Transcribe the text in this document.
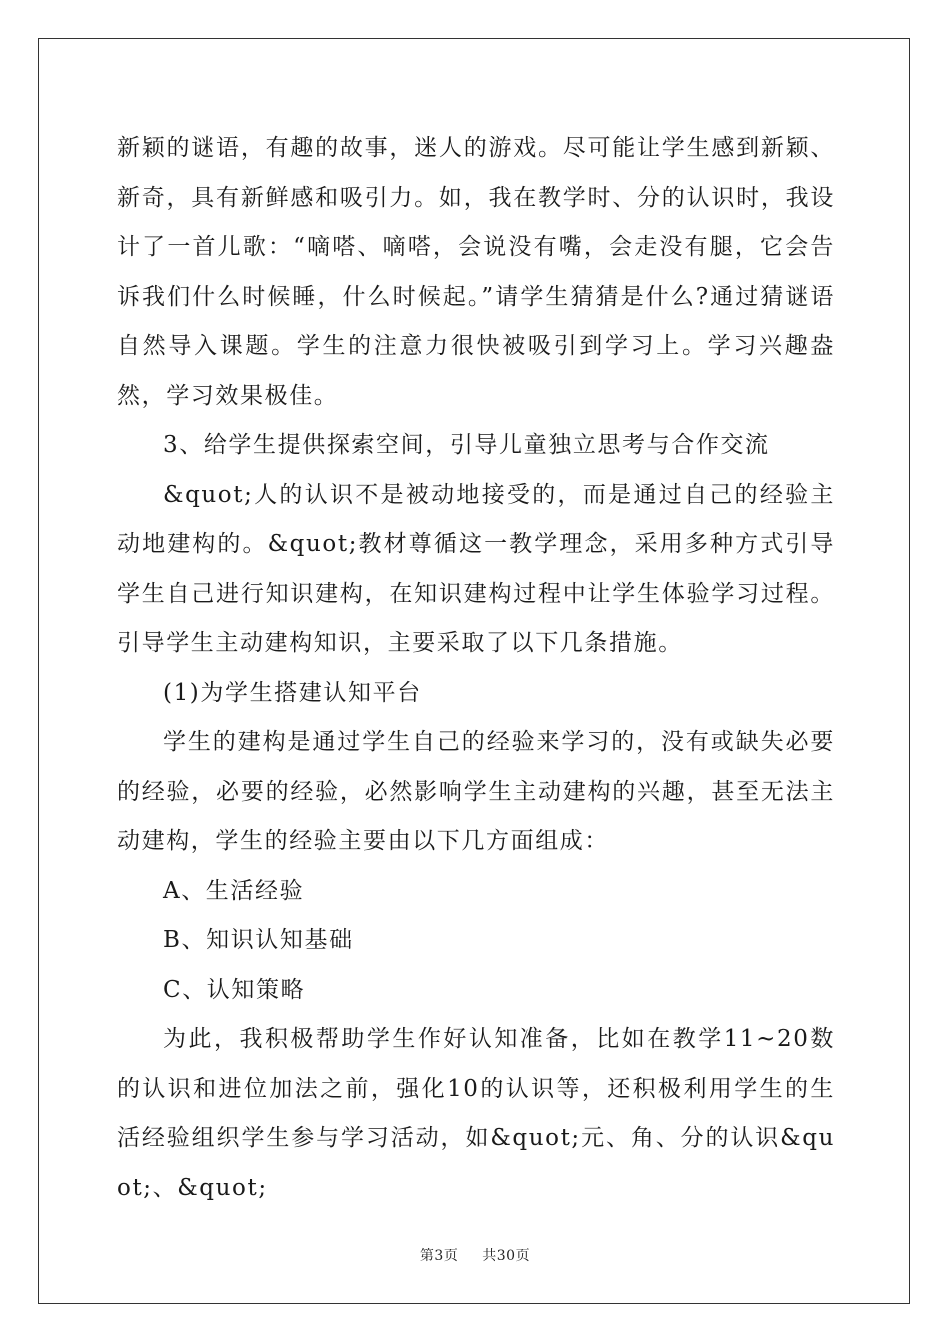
新颖的谜语，有趣的故事，迷人的游戏。尽可能让学生感到新颖、新奇，具有新鲜感和吸引力。如，我在教学时、分的认识时，我设计了一首儿歌：“嘀嗒、嘀嗒，会说没有嘴，会走没有腿，它会告诉我们什么时候睡，什么时候起。”请学生猜猜是什么?通过猜谜语自然导入课题。学生的注意力很快被吸引到学习上。学习兴趣盎然，学习效果极佳。

3、给学生提供探索空间，引导儿童独立思考与合作交流

&quot;人的认识不是被动地接受的，而是通过自己的经验主动地建构的。&quot;教材尊循这一教学理念，采用多种方式引导学生自己进行知识建构，在知识建构过程中让学生体验学习过程。 引导学生主动建构知识，主要采取了以下几条措施。

(1)为学生搭建认知平台

学生的建构是通过学生自己的经验来学习的，没有或缺失必要的经验，必要的经验，必然影响学生主动建构的兴趣，甚至无法主动建构，学生的经验主要由以下几方面组成：

A、生活经验

B、知识认知基础

C、认知策略

为此，我积极帮助学生作好认知准备，比如在教学11~20数的认识和进位加法之前，强化10的认识等，还积极利用学生的生活经验组织学生参与学习活动，如&quot;元、角、分的认识&quot;、&quot;

第3页 共30页
